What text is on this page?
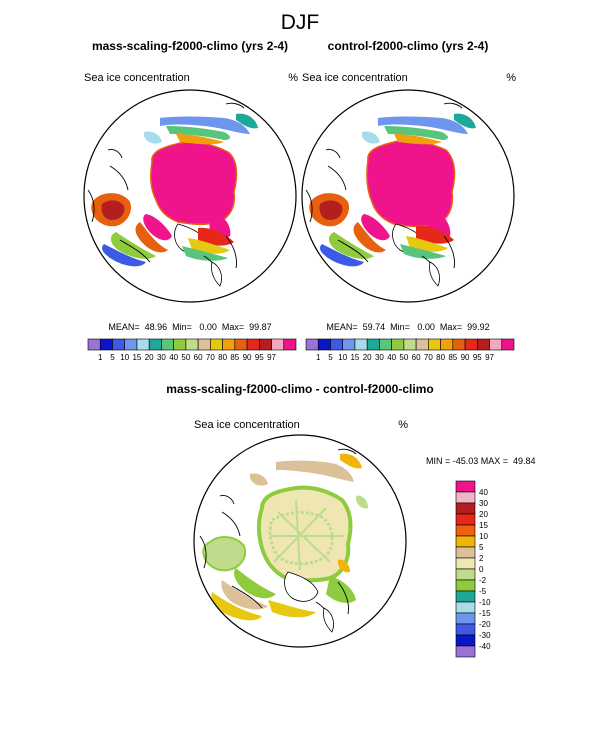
DJF
mass-scaling-f2000-climo (yrs 2-4)
Sea ice concentration	%
MEAN=  48.96  Min=   0.00  Max=  99.87
1 5 10 15 20 30 40 50 60 70 80 85 90 95 97
control-f2000-climo (yrs 2-4)
Sea ice concentration	%
MEAN=  59.74  Min=   0.00  Max=  99.92
1 5 10 15 20 30 40 50 60 70 80 85 90 95 97
mass-scaling-f2000-climo - control-f2000-climo
Sea ice concentration	%
MIN = -45.03 MAX =  49.84
40
30
20
15
10
5
2
0
-2
-5
-10
-15
-20
-30
-40
